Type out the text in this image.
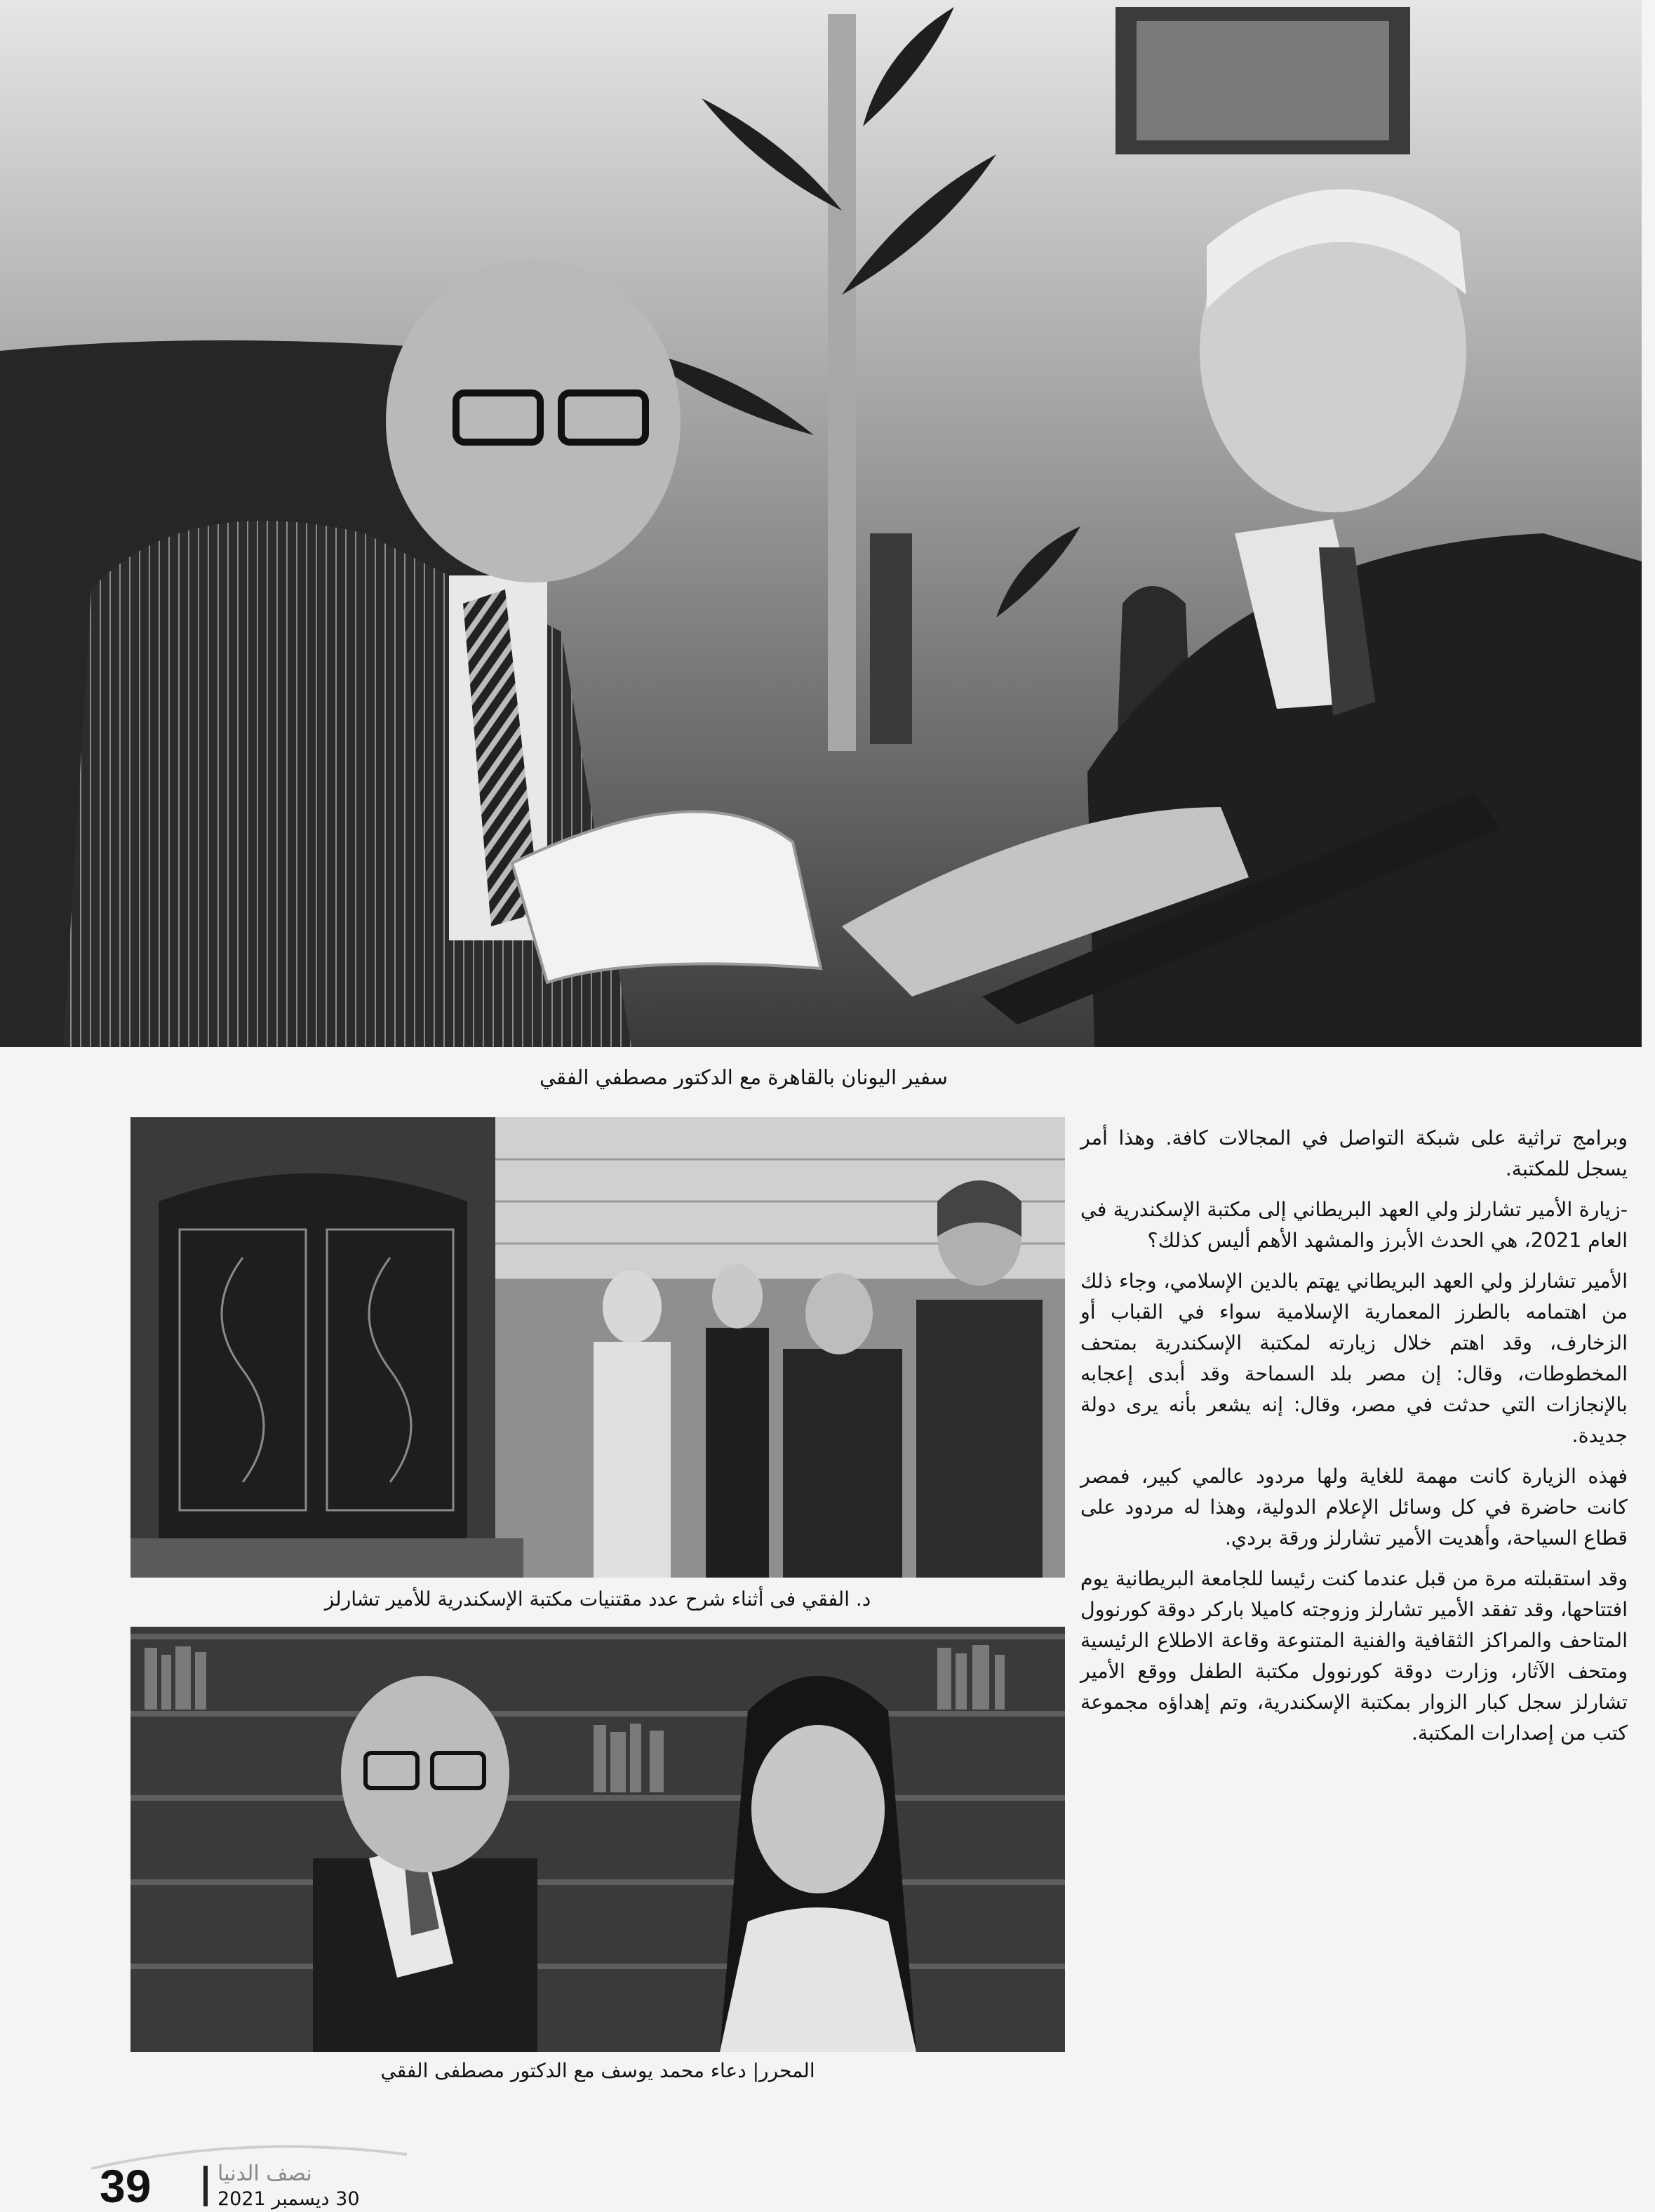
سفير اليونان بالقاهرة مع الدكتور مصطفي الفقي
د. الفقي فى أثناء شرح عدد مقتنيات مكتبة الإسكندرية للأمير تشارلز
المحرر| دعاء محمد يوسف مع الدكتور مصطفى الفقي

وبرامج تراثية على شبكة التواصل في المجالات كافة. وهذا أمر يسجل للمكتبة.

-زيارة الأمير تشارلز ولي العهد البريطاني إلى مكتبة الإسكندرية في العام 2021، هي الحدث الأبرز والمشهد الأهم أليس كذلك؟

الأمير تشارلز ولي العهد البريطاني يهتم بالدين الإسلامي، وجاء ذلك من اهتمامه بالطرز المعمارية الإسلامية سواء في القباب أو الزخارف، وقد اهتم خلال زيارته لمكتبة الإسكندرية بمتحف المخطوطات، وقال: إن مصر بلد السماحة وقد أبدى إعجابه بالإنجازات التي حدثت في مصر، وقال: إنه يشعر بأنه يرى دولة جديدة.

فهذه الزيارة كانت مهمة للغاية ولها مردود عالمي كبير، فمصر كانت حاضرة في كل وسائل الإعلام الدولية، وهذا له مردود على قطاع السياحة، وأهديت الأمير تشارلز ورقة بردي.

وقد استقبلته مرة من قبل عندما كنت رئيسا للجامعة البريطانية يوم افتتاحها، وقد تفقد الأمير تشارلز وزوجته كاميلا باركر دوقة كورنوول المتاحف والمراكز الثقافية والفنية المتنوعة وقاعة الاطلاع الرئيسية ومتحف الآثار، وزارت دوقة كورنوول مكتبة الطفل ووقع الأمير تشارلز سجل كبار الزوار بمكتبة الإسكندرية، وتم إهداؤه مجموعة كتب من إصدارات المكتبة.

39	نصف الدنيا
30 ديسمبر 2021
